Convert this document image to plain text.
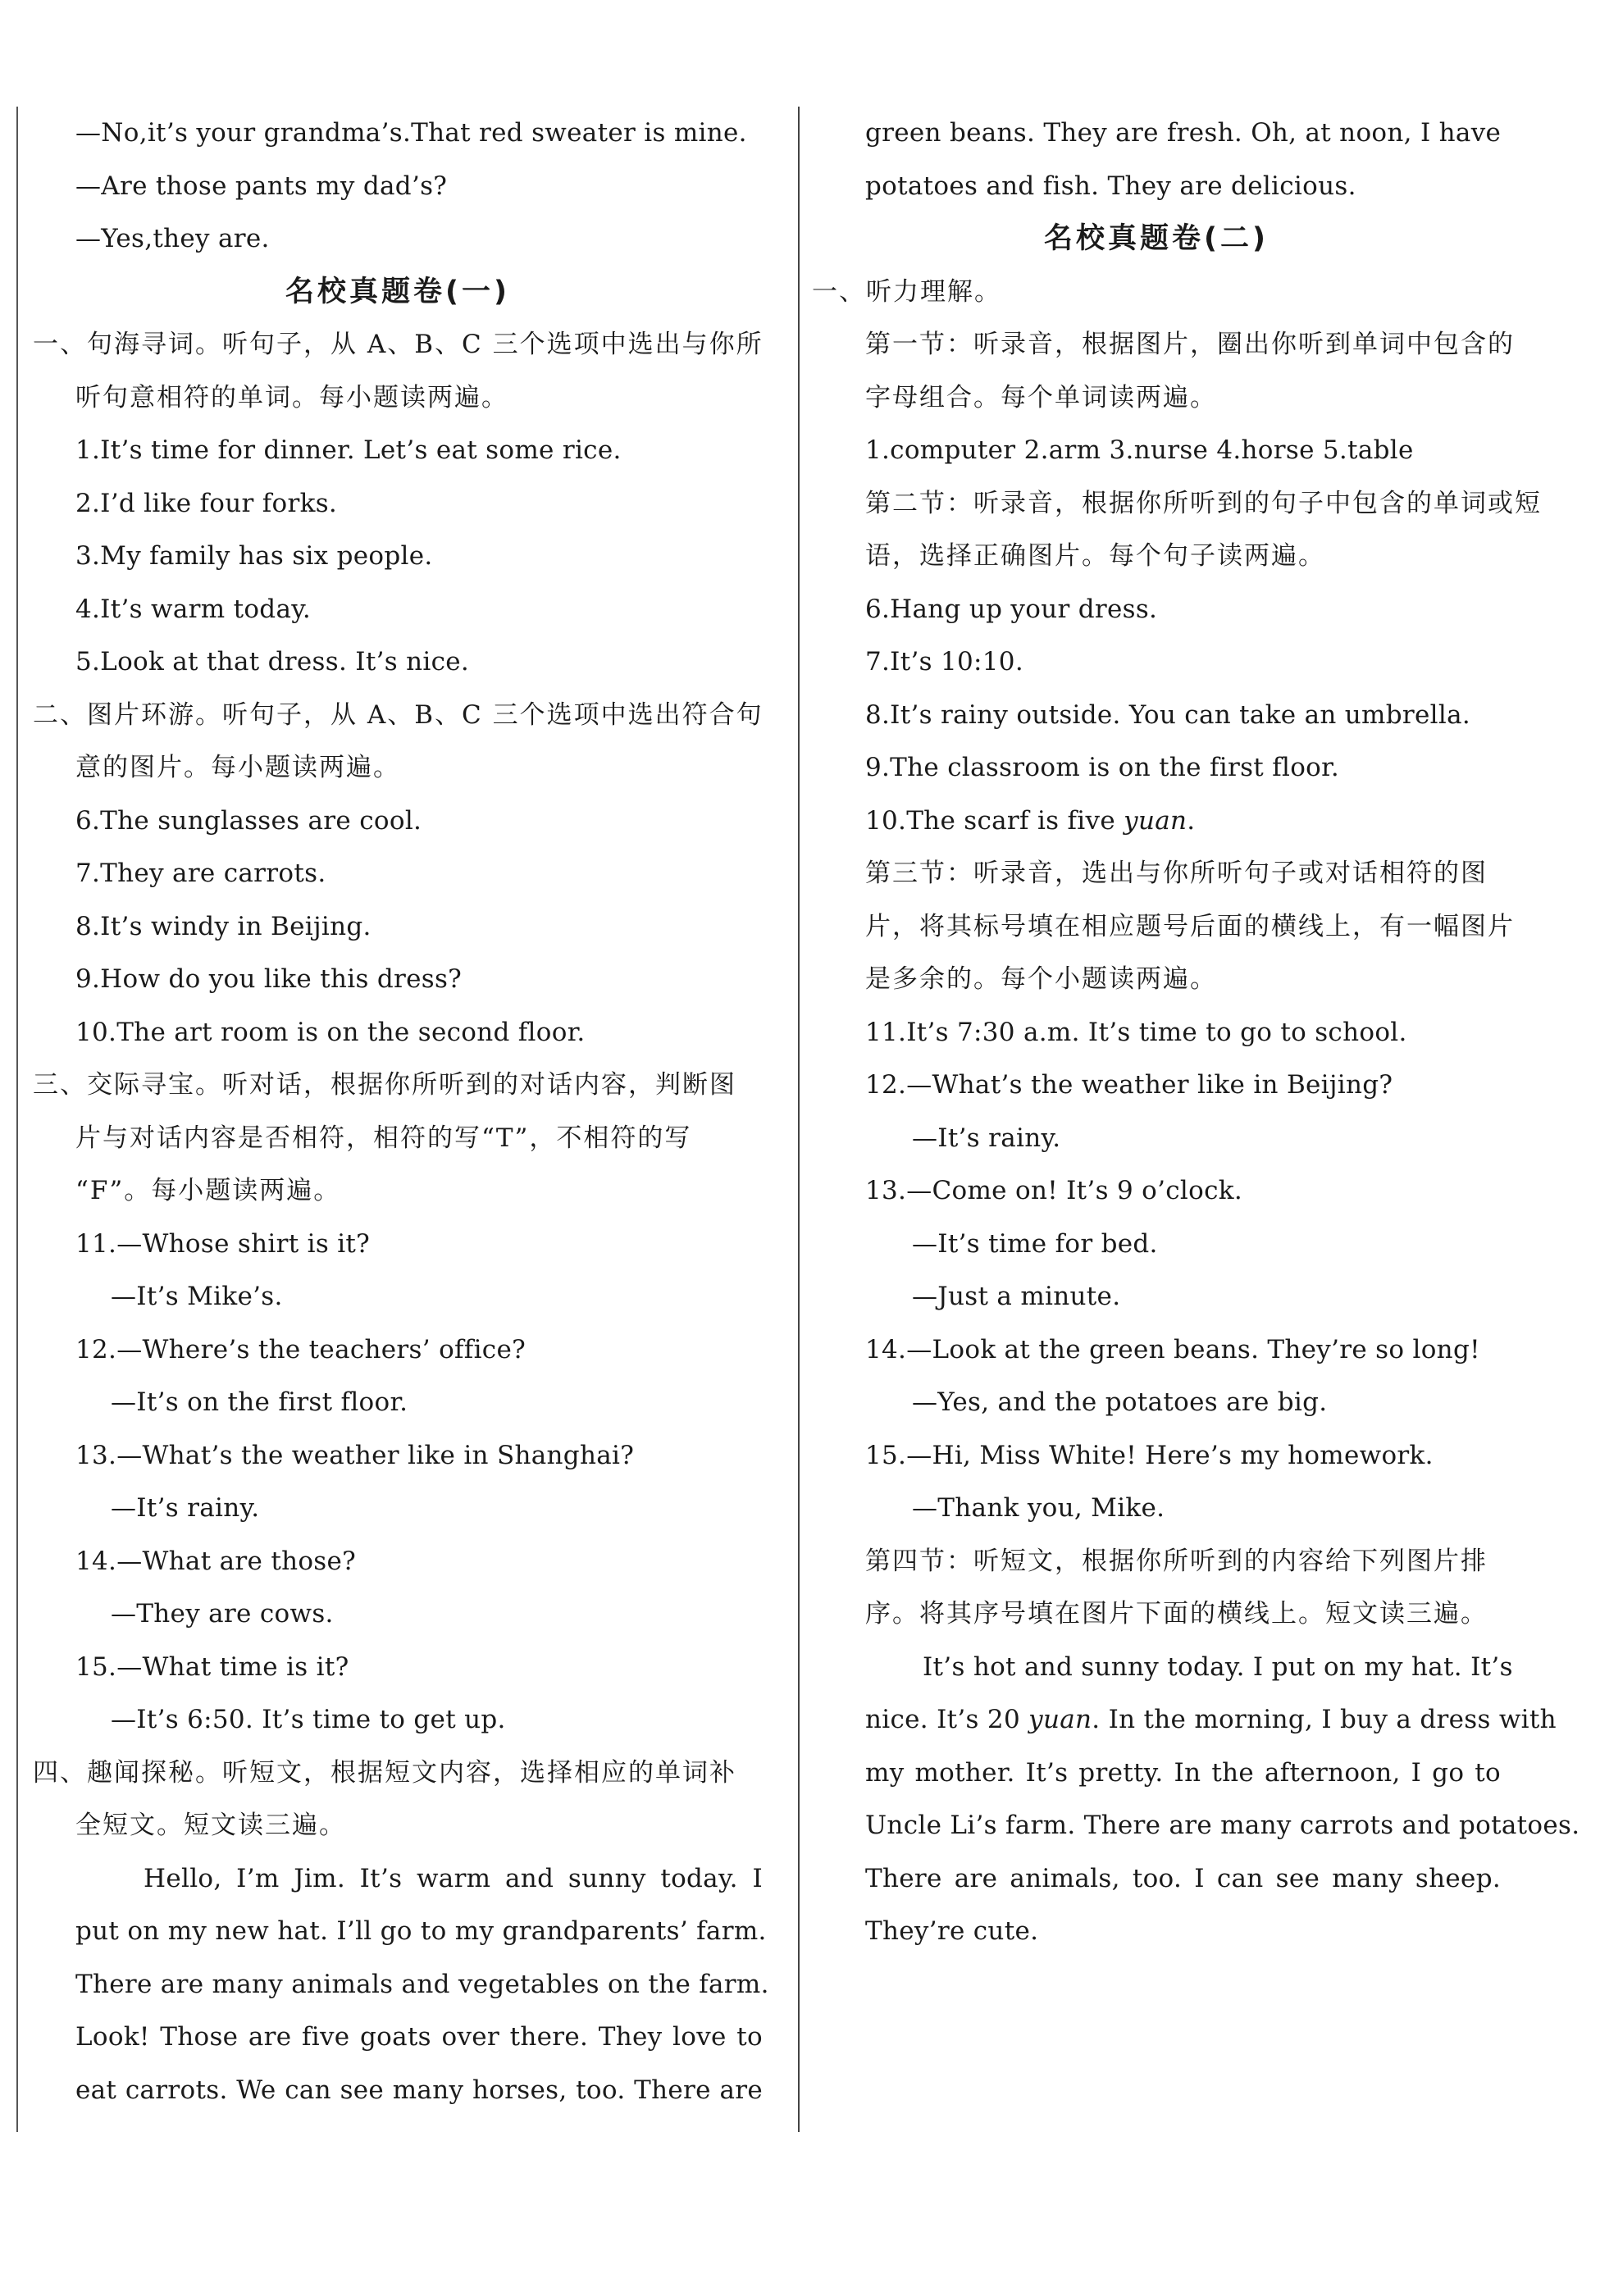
—No,it’s your grandma’s.That red sweater is mine.
—Are those pants my dad’s?
—Yes,they are.
名校真题卷(一)
一、句海寻词。听句子，从 A、B、C 三个选项中选出与你所
听句意相符的单词。每小题读两遍。
1.It’s time for dinner. Let’s eat some rice.
2.I’d like four forks.
3.My family has six people.
4.It’s warm today.
5.Look at that dress. It’s nice.
二、图片环游。听句子，从 A、B、C 三个选项中选出符合句
意的图片。每小题读两遍。
6.The sunglasses are cool.
7.They are carrots.
8.It’s windy in Beijing.
9.How do you like this dress?
10.The art room is on the second floor.
三、交际寻宝。听对话，根据你所听到的对话内容，判断图
片与对话内容是否相符，相符的写“T”，不相符的写
“F”。每小题读两遍。
11.—Whose shirt is it?
—It’s Mike’s.
12.—Where’s the teachers’ office?
—It’s on the first floor.
13.—What’s the weather like in Shanghai?
—It’s rainy.
14.—What are those?
—They are cows.
15.—What time is it?
—It’s 6:50. It’s time to get up.
四、趣闻探秘。听短文，根据短文内容，选择相应的单词补
全短文。短文读三遍。
Hello, I’m Jim. It’s warm and sunny today. I
put on my new hat. I’ll go to my grandparents’ farm.
There are many animals and vegetables on the farm.
Look! Those are five goats over there. They love to
eat carrots. We can see many horses, too. There are
green beans. They are fresh. Oh, at noon, I have
potatoes and fish. They are delicious.
名校真题卷(二)
一、听力理解。
第一节：听录音，根据图片，圈出你听到单词中包含的
字母组合。每个单词读两遍。
1.computer 2.arm 3.nurse 4.horse 5.table
第二节：听录音，根据你所听到的句子中包含的单词或短
语，选择正确图片。每个句子读两遍。
6.Hang up your dress.
7.It’s 10:10.
8.It’s rainy outside. You can take an umbrella.
9.The classroom is on the first floor.
10.The scarf is five yuan.
第三节：听录音，选出与你所听句子或对话相符的图
片，将其标号填在相应题号后面的横线上，有一幅图片
是多余的。每个小题读两遍。
11.It’s 7:30 a.m. It’s time to go to school.
12.—What’s the weather like in Beijing?
—It’s rainy.
13.—Come on! It’s 9 o’clock.
—It’s time for bed.
—Just a minute.
14.—Look at the green beans. They’re so long!
—Yes, and the potatoes are big.
15.—Hi, Miss White! Here’s my homework.
—Thank you, Mike.
第四节：听短文，根据你所听到的内容给下列图片排
序。将其序号填在图片下面的横线上。短文读三遍。
It’s hot and sunny today. I put on my hat. It’s
nice. It’s 20 yuan. In the morning, I buy a dress with
my mother. It’s pretty. In the afternoon, I go to
Uncle Li’s farm. There are many carrots and potatoes.
There are animals, too. I can see many sheep.
They’re cute.
